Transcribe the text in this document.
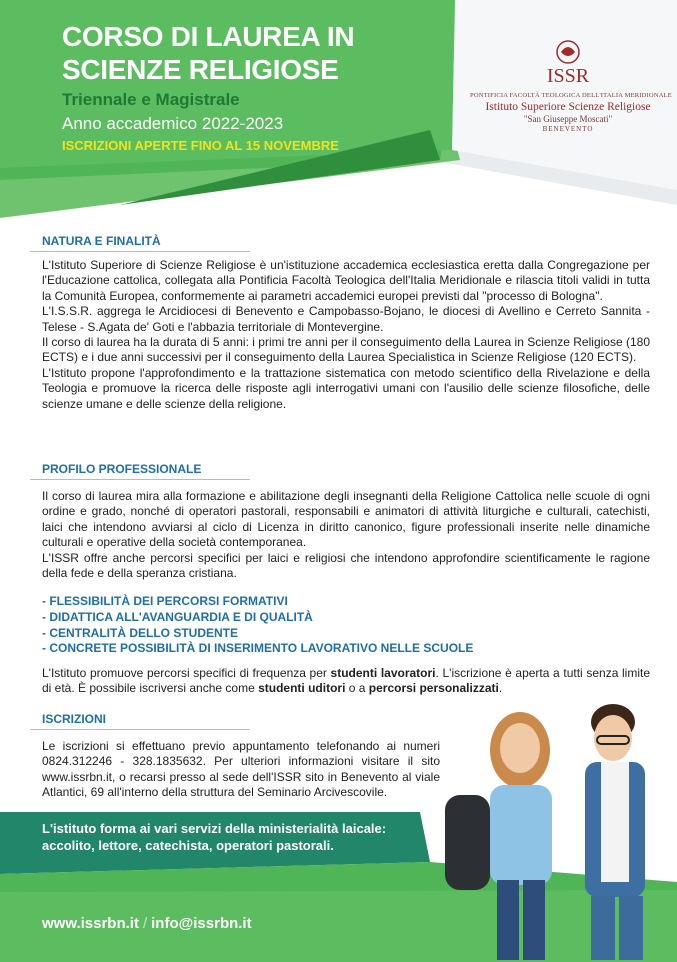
CORSO DI LAUREA IN
SCIENZE RELIGIOSE
Triennale e Magistrale
Anno accademico 2022-2023
ISCRIZIONI APERTE FINO AL 15 NOVEMBRE
ISSR
PONTIFICIA FACOLTÀ TEOLOGICA DELL'ITALIA MERIDIONALE
Istituto Superiore Scienze Religiose
"San Giuseppe Moscati"
BENEVENTO
NATURA E FINALITÀ
L'Istituto Superiore di Scienze Religiose è un'istituzione accademica ecclesiastica eretta dalla Congregazione per l'Educazione cattolica, collegata alla Pontificia Facoltà Teologica dell'Italia Meridionale e rilascia titoli validi in tutta la Comunità Europea, conformemente ai parametri accademici europei previsti dal "processo di Bologna".
L'I.S.S.R. aggrega le Arcidiocesi di Benevento e Campobasso-Bojano, le diocesi di Avellino e Cerreto Sannita - Telese - S.Agata de' Goti e l'abbazia territoriale di Montevergine.
Il corso di laurea ha la durata di 5 anni: i primi tre anni per il conseguimento della Laurea in Scienze Religiose (180 ECTS) e i due anni successivi per il conseguimento della Laurea Specialistica in Scienze Religiose (120 ECTS).
L'Istituto propone l'approfondimento e la trattazione sistematica con metodo scientifico della Rivelazione e della Teologia e promuove la ricerca delle risposte agli interrogativi umani con l'ausilio delle scienze filosofiche, delle scienze umane e delle scienze della religione.
PROFILO PROFESSIONALE
Il corso di laurea mira alla formazione e abilitazione degli insegnanti della Religione Cattolica nelle scuole di ogni ordine e grado, nonché di operatori pastorali, responsabili e animatori di attività liturgiche e culturali, catechisti, laici che intendono avviarsi al ciclo di Licenza in diritto canonico, figure professionali inserite nelle dinamiche culturali e operative della società contemporanea.
L'ISSR offre anche percorsi specifici per laici e religiosi che intendono approfondire scientificamente le ragione della fede e della speranza cristiana.
- FLESSIBILITÀ DEI PERCORSI FORMATIVI
- DIDATTICA ALL'AVANGUARDIA E DI QUALITÀ
- CENTRALITÀ DELLO STUDENTE
- CONCRETE POSSIBILITÀ DI INSERIMENTO LAVORATIVO NELLE SCUOLE
L'Istituto promuove percorsi specifici di frequenza per studenti lavoratori. L'iscrizione è aperta a tutti senza limite di età. È possibile iscriversi anche come studenti uditori o a percorsi personalizzati.
ISCRIZIONI
Le iscrizioni si effettuano previo appuntamento telefonando ai numeri 0824.312246 - 328.1835632. Per ulteriori informazioni visitare il sito www.issrbn.it, o recarsi presso al sede dell'ISSR sito in Benevento al viale Atlantici, 69 all'interno della struttura del Seminario Arcivescovile.
L'istituto forma ai vari servizi della ministerialità laicale:
accolito, lettore, catechista, operatori pastorali.
www.issrbn.it / info@issrbn.it
